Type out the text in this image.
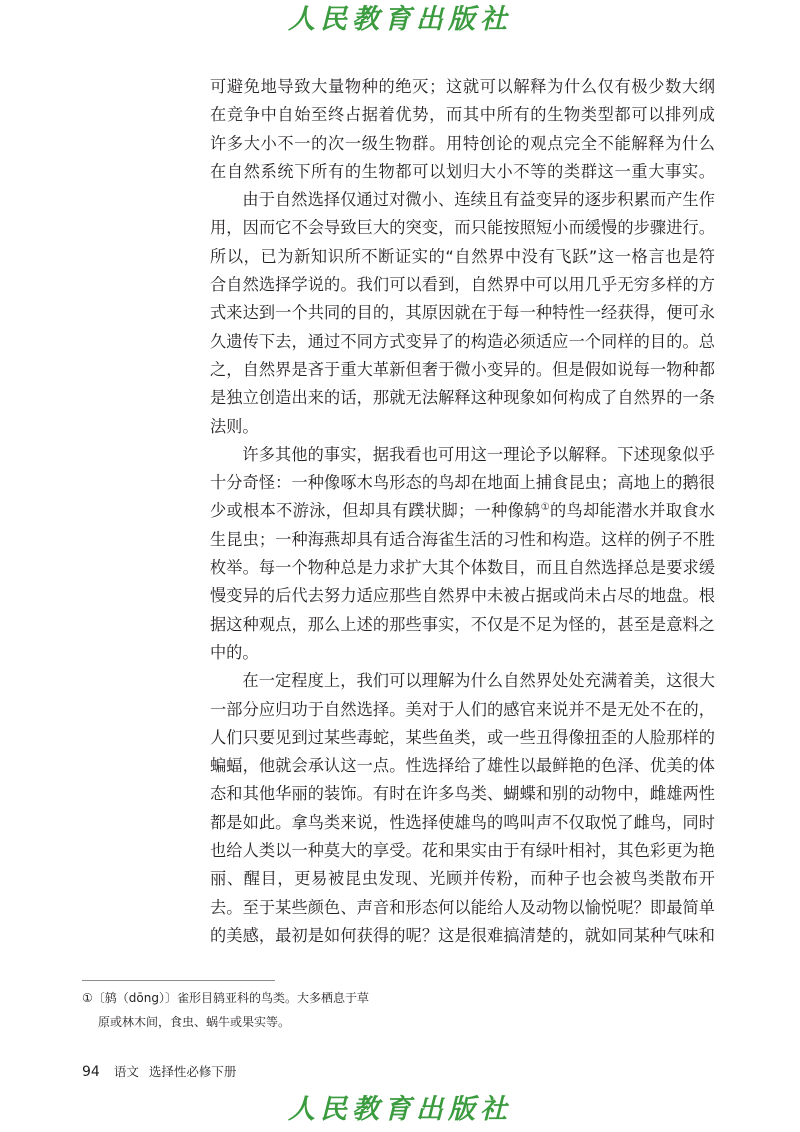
人民教育出版社
可避免地导致大量物种的绝灭；这就可以解释为什么仅有极少数大纲
在竞争中自始至终占据着优势，而其中所有的生物类型都可以排列成
许多大小不一的次一级生物群。用特创论的观点完全不能解释为什么
在自然系统下所有的生物都可以划归大小不等的类群这一重大事实。
由于自然选择仅通过对微小、连续且有益变异的逐步积累而产生作
用，因而它不会导致巨大的突变，而只能按照短小而缓慢的步骤进行。
所以，已为新知识所不断证实的“自然界中没有飞跃”这一格言也是符
合自然选择学说的。我们可以看到，自然界中可以用几乎无穷多样的方
式来达到一个共同的目的，其原因就在于每一种特性一经获得，便可永
久遗传下去，通过不同方式变异了的构造必须适应一个同样的目的。总
之，自然界是吝于重大革新但奢于微小变异的。但是假如说每一物种都
是独立创造出来的话，那就无法解释这种现象如何构成了自然界的一条
法则。
许多其他的事实，据我看也可用这一理论予以解释。下述现象似乎
十分奇怪：一种像啄木鸟形态的鸟却在地面上捕食昆虫；高地上的鹅很
少或根本不游泳，但却具有蹼状脚；一种像鸫①的鸟却能潜水并取食水
生昆虫；一种海燕却具有适合海雀生活的习性和构造。这样的例子不胜
枚举。每一个物种总是力求扩大其个体数目，而且自然选择总是要求缓
慢变异的后代去努力适应那些自然界中未被占据或尚未占尽的地盘。根
据这种观点，那么上述的那些事实，不仅是不足为怪的，甚至是意料之
中的。
在一定程度上，我们可以理解为什么自然界处处充满着美，这很大
一部分应归功于自然选择。美对于人们的感官来说并不是无处不在的，
人们只要见到过某些毒蛇，某些鱼类，或一些丑得像扭歪的人脸那样的
蝙蝠，他就会承认这一点。性选择给了雄性以最鲜艳的色泽、优美的体
态和其他华丽的装饰。有时在许多鸟类、蝴蝶和别的动物中，雌雄两性
都是如此。拿鸟类来说，性选择使雄鸟的鸣叫声不仅取悦了雌鸟，同时
也给人类以一种莫大的享受。花和果实由于有绿叶相衬，其色彩更为艳
丽、醒目，更易被昆虫发现、光顾并传粉，而种子也会被鸟类散布开
去。至于某些颜色、声音和形态何以能给人及动物以愉悦呢？即最简单
的美感，最初是如何获得的呢？这是很难搞清楚的，就如同某种气味和
①〔鸫（dōng）〕雀形目鸫亚科的鸟类。大多栖息于草
原或林木间，食虫、蜗牛或果实等。
94 语文 选择性必修下册
人民教育出版社
